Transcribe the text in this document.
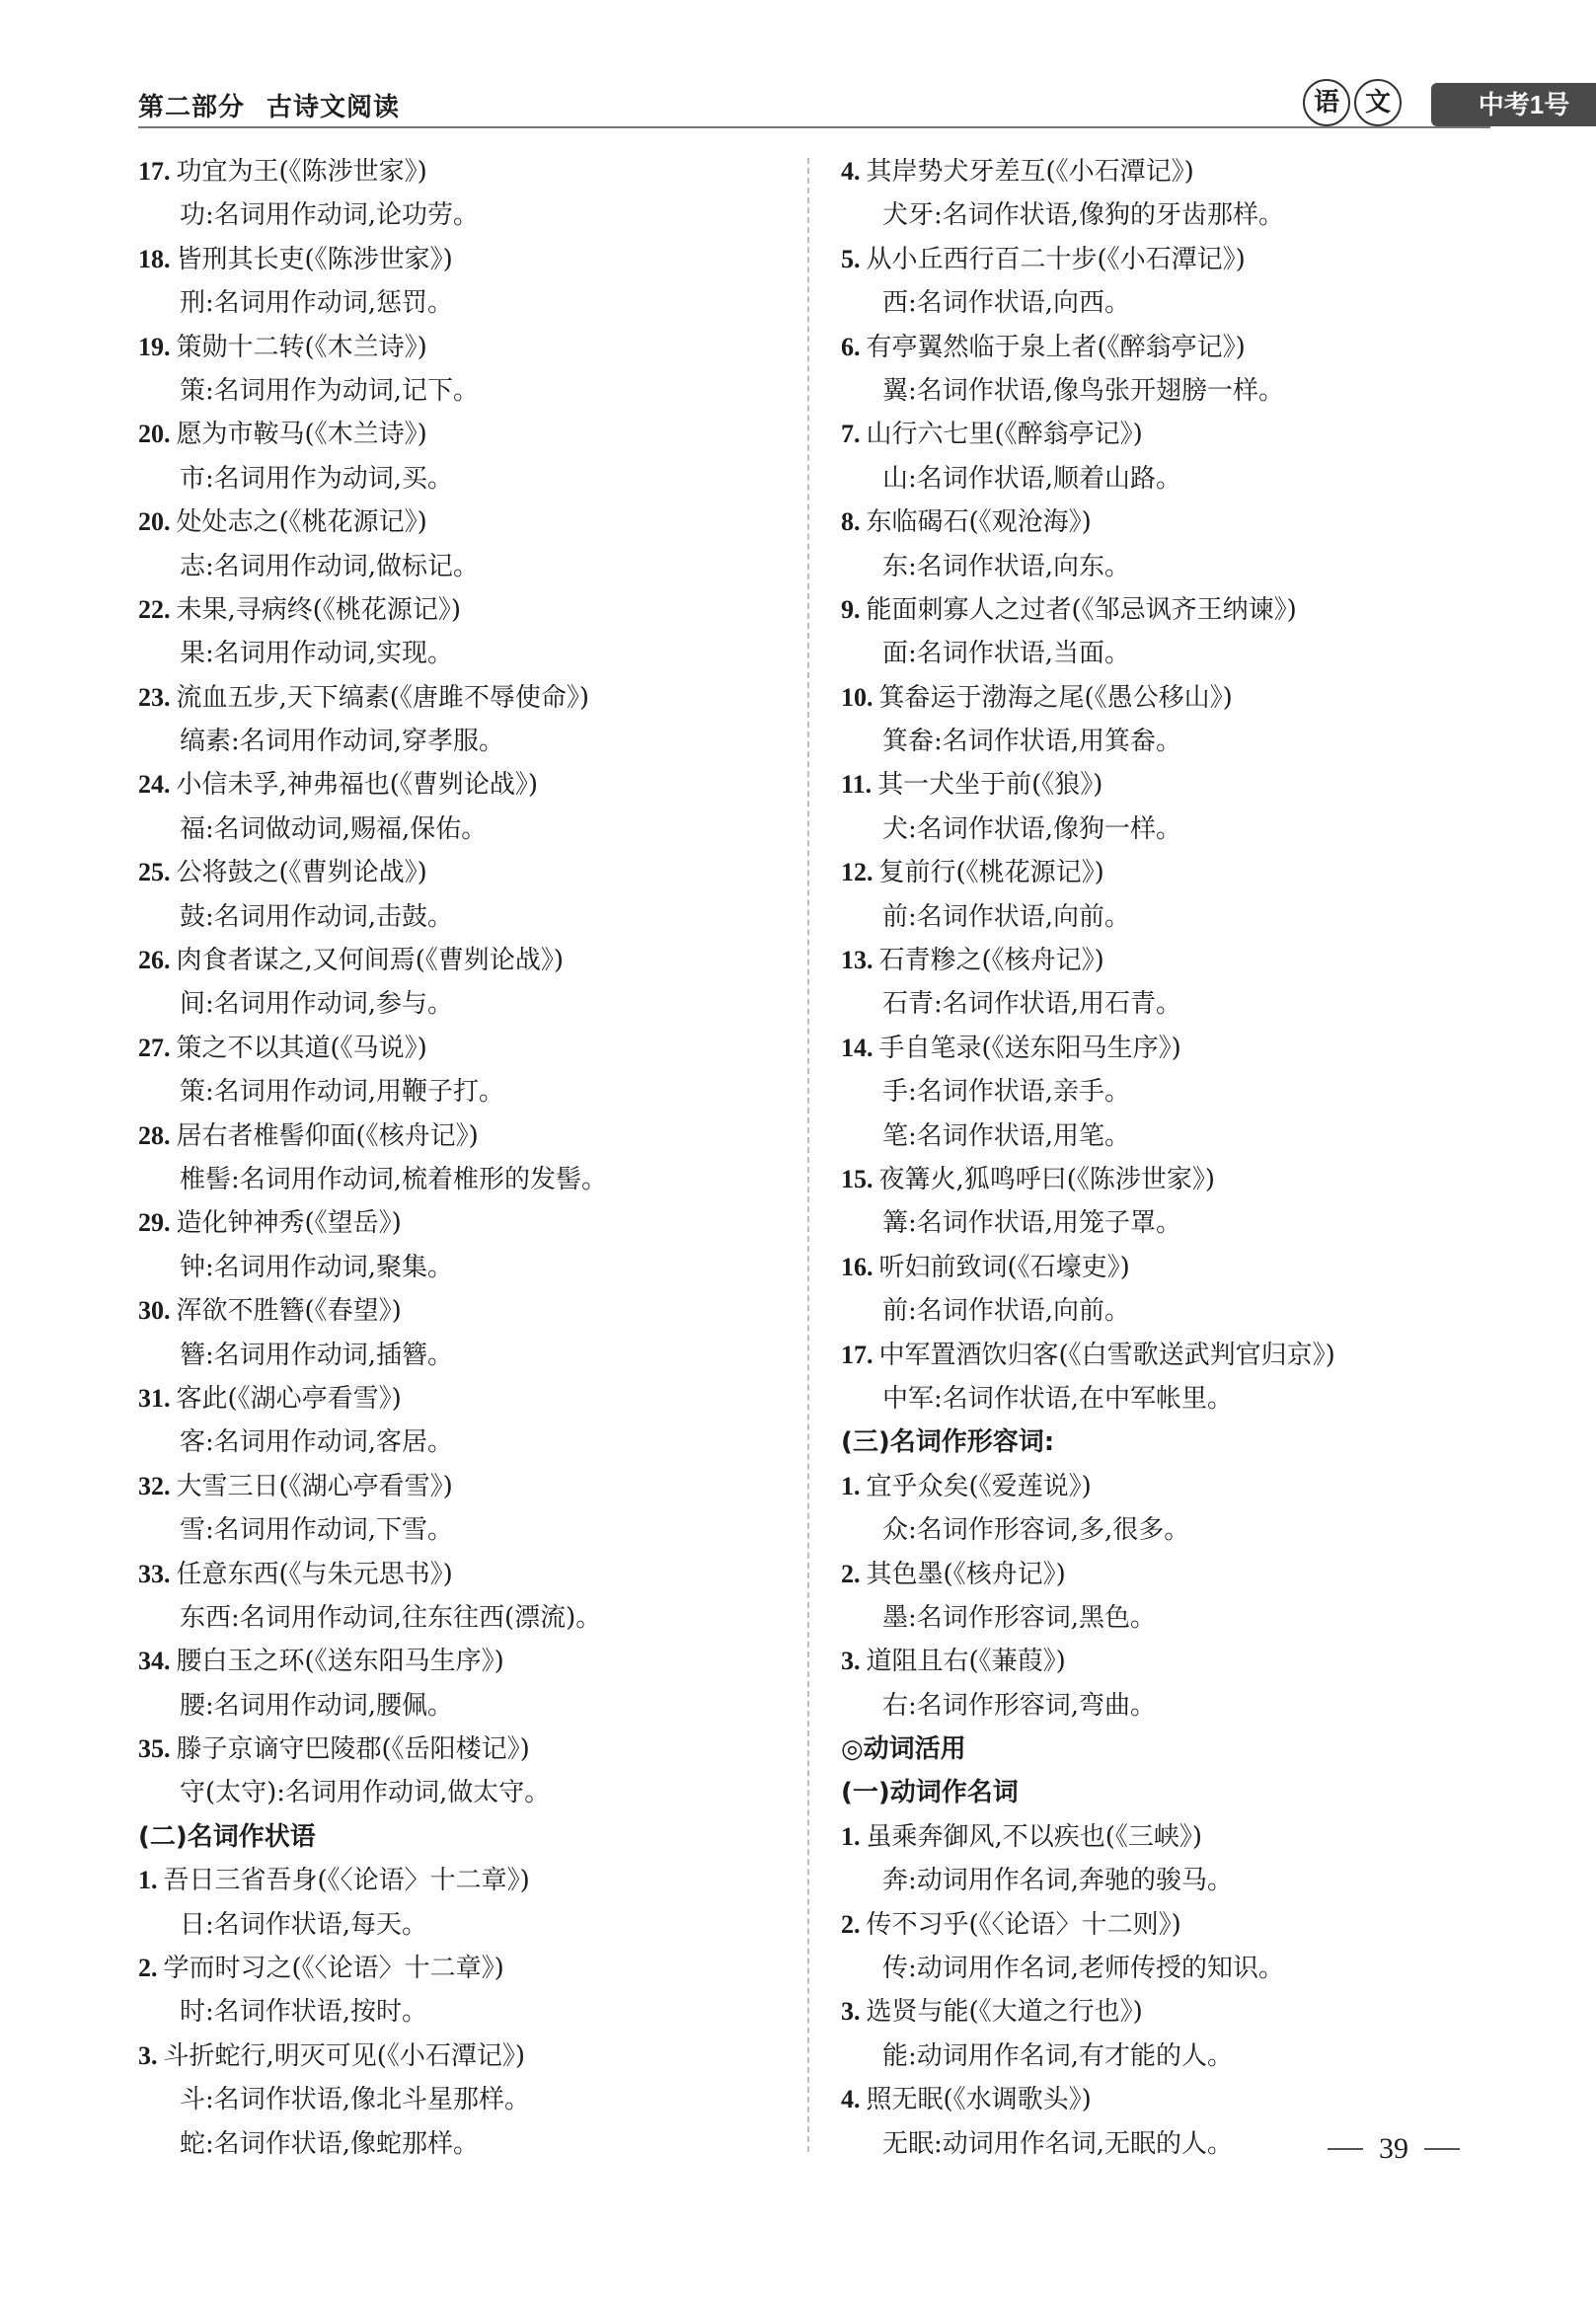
第二部分 古诗文阅读	语 文	中考1号
17. 功宜为王(《陈涉世家》)
功:名词用作动词,论功劳。
18. 皆刑其长吏(《陈涉世家》)
刑:名词用作动词,惩罚。
19. 策勋十二转(《木兰诗》)
策:名词用作为动词,记下。
20. 愿为市鞍马(《木兰诗》)
市:名词用作为动词,买。
20. 处处志之(《桃花源记》)
志:名词用作动词,做标记。
22. 未果,寻病终(《桃花源记》)
果:名词用作动词,实现。
23. 流血五步,天下缟素(《唐雎不辱使命》)
缟素:名词用作动词,穿孝服。
24. 小信未孚,神弗福也(《曹刿论战》)
福:名词做动词,赐福,保佑。
25. 公将鼓之(《曹刿论战》)
鼓:名词用作动词,击鼓。
26. 肉食者谋之,又何间焉(《曹刿论战》)
间:名词用作动词,参与。
27. 策之不以其道(《马说》)
策:名词用作动词,用鞭子打。
28. 居右者椎髻仰面(《核舟记》)
椎髻:名词用作动词,梳着椎形的发髻。
29. 造化钟神秀(《望岳》)
钟:名词用作动词,聚集。
30. 浑欲不胜簪(《春望》)
簪:名词用作动词,插簪。
31. 客此(《湖心亭看雪》)
客:名词用作动词,客居。
32. 大雪三日(《湖心亭看雪》)
雪:名词用作动词,下雪。
33. 任意东西(《与朱元思书》)
东西:名词用作动词,往东往西(漂流)。
34. 腰白玉之环(《送东阳马生序》)
腰:名词用作动词,腰佩。
35. 滕子京谪守巴陵郡(《岳阳楼记》)
守(太守):名词用作动词,做太守。
(二)名词作状语
1. 吾日三省吾身(《〈论语〉十二章》)
日:名词作状语,每天。
2. 学而时习之(《〈论语〉十二章》)
时:名词作状语,按时。
3. 斗折蛇行,明灭可见(《小石潭记》)
斗:名词作状语,像北斗星那样。
蛇:名词作状语,像蛇那样。
4. 其岸势犬牙差互(《小石潭记》)
犬牙:名词作状语,像狗的牙齿那样。
5. 从小丘西行百二十步(《小石潭记》)
西:名词作状语,向西。
6. 有亭翼然临于泉上者(《醉翁亭记》)
翼:名词作状语,像鸟张开翅膀一样。
7. 山行六七里(《醉翁亭记》)
山:名词作状语,顺着山路。
8. 东临碣石(《观沧海》)
东:名词作状语,向东。
9. 能面刺寡人之过者(《邹忌讽齐王纳谏》)
面:名词作状语,当面。
10. 箕畚运于渤海之尾(《愚公移山》)
箕畚:名词作状语,用箕畚。
11. 其一犬坐于前(《狼》)
犬:名词作状语,像狗一样。
12. 复前行(《桃花源记》)
前:名词作状语,向前。
13. 石青糁之(《核舟记》)
石青:名词作状语,用石青。
14. 手自笔录(《送东阳马生序》)
手:名词作状语,亲手。
笔:名词作状语,用笔。
15. 夜篝火,狐鸣呼曰(《陈涉世家》)
篝:名词作状语,用笼子罩。
16. 听妇前致词(《石壕吏》)
前:名词作状语,向前。
17. 中军置酒饮归客(《白雪歌送武判官归京》)
中军:名词作状语,在中军帐里。
(三)名词作形容词:
1. 宜乎众矣(《爱莲说》)
众:名词作形容词,多,很多。
2. 其色墨(《核舟记》)
墨:名词作形容词,黑色。
3. 道阻且右(《蒹葭》)
右:名词作形容词,弯曲。
◎动词活用
(一)动词作名词
1. 虽乘奔御风,不以疾也(《三峡》)
奔:动词用作名词,奔驰的骏马。
2. 传不习乎(《〈论语〉十二则》)
传:动词用作名词,老师传授的知识。
3. 选贤与能(《大道之行也》)
能:动词用作名词,有才能的人。
4. 照无眠(《水调歌头》)
无眠:动词用作名词,无眠的人。	39
